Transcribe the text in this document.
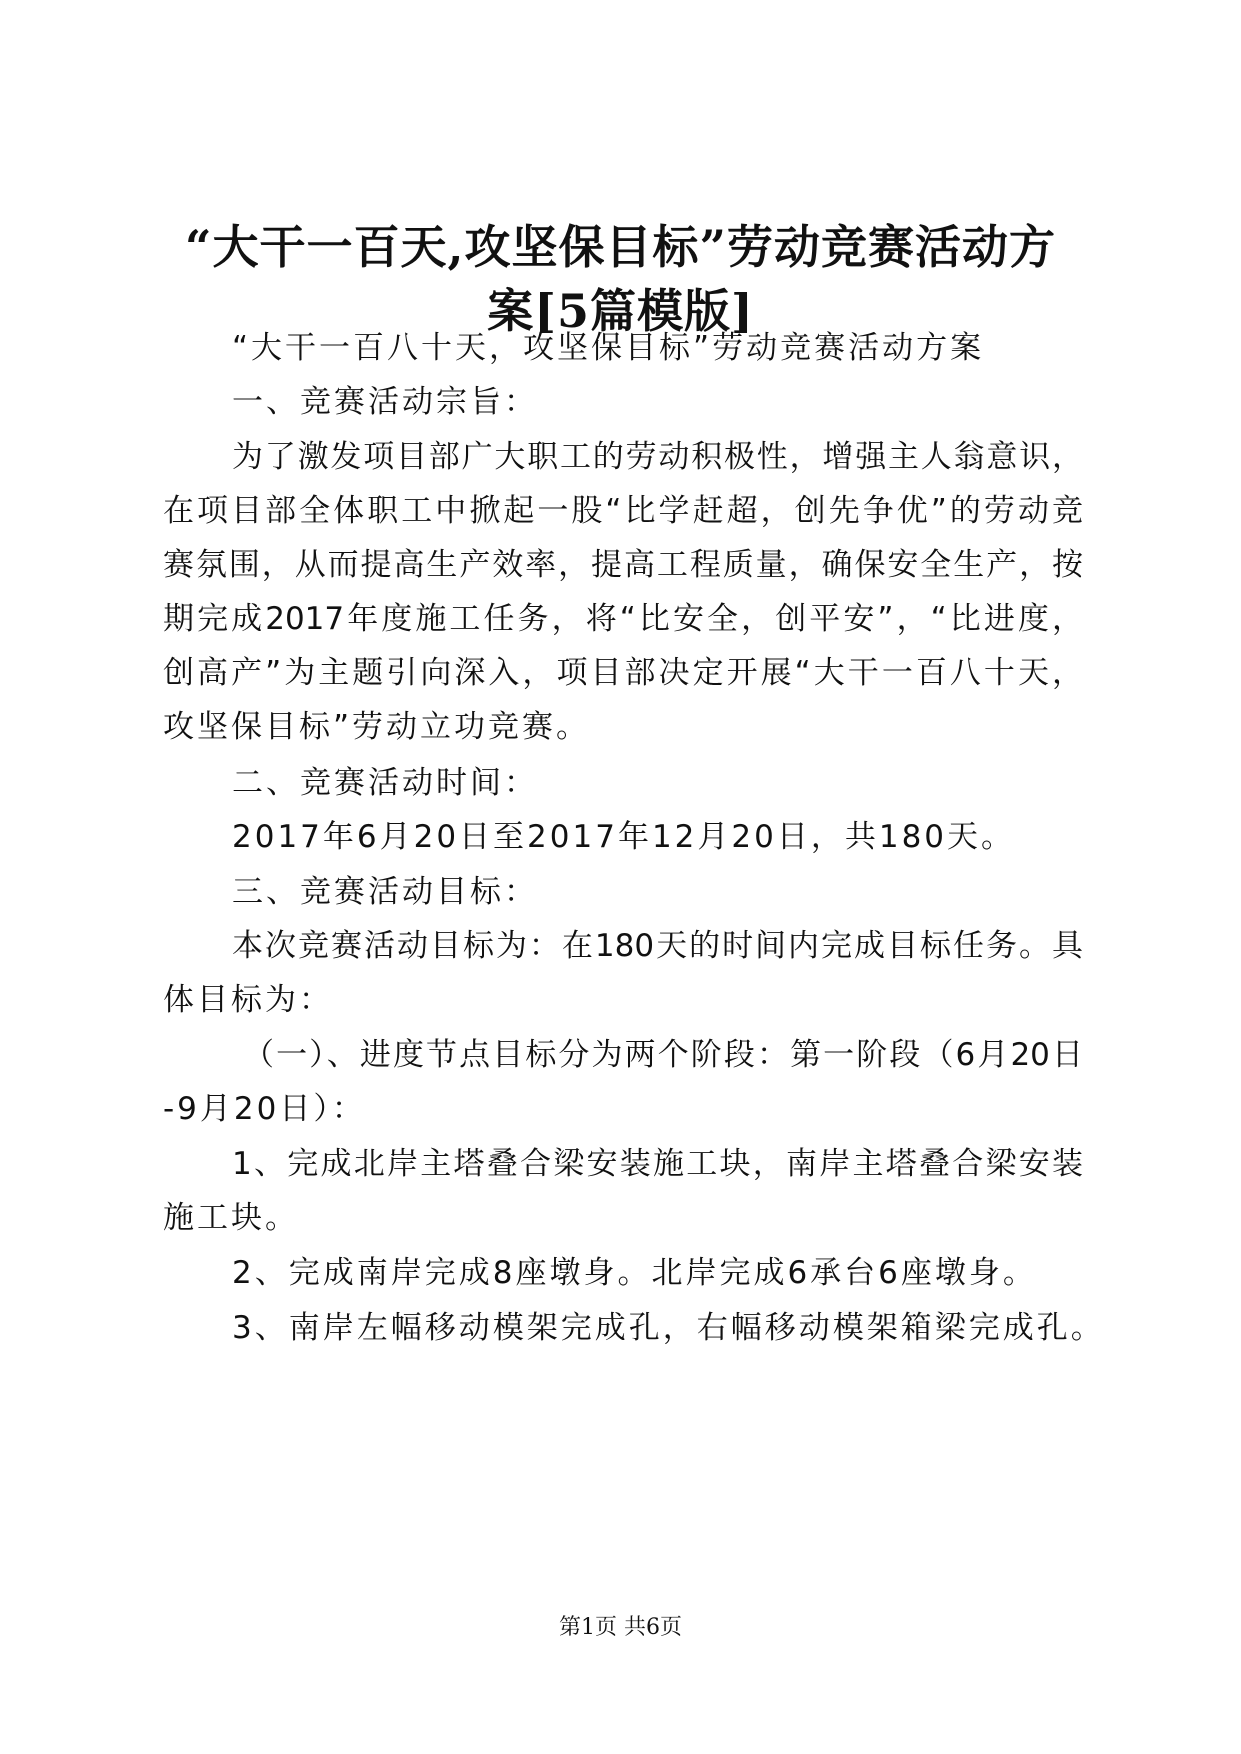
“大干一百天,攻坚保目标”劳动竞赛活动方
案[5篇模版]

“大干一百八十天，攻坚保目标”劳动竞赛活动方案

一、竞赛活动宗旨：

为了激发项目部广大职工的劳动积极性，增强主人翁意识，

在项目部全体职工中掀起一股“比学赶超，创先争优”的劳动竞

赛氛围，从而提高生产效率，提高工程质量，确保安全生产，按

期完成2017年度施工任务，将“比安全，创平安”，“比进度，

创高产”为主题引向深入，项目部决定开展“大干一百八十天，

攻坚保目标”劳动立功竞赛。

二、竞赛活动时间：

2017年6月20日至2017年12月20日，共180天。

三、竞赛活动目标：

本次竞赛活动目标为：在180天的时间内完成目标任务。具

体目标为：

（一）、进度节点目标分为两个阶段：第一阶段（6月20日

-9月20日）：

1、完成北岸主塔叠合梁安装施工块，南岸主塔叠合梁安装

施工块。

2、完成南岸完成8座墩身。北岸完成6承台6座墩身。

3、南岸左幅移动模架完成孔，右幅移动模架箱梁完成孔。

第1页 共6页
